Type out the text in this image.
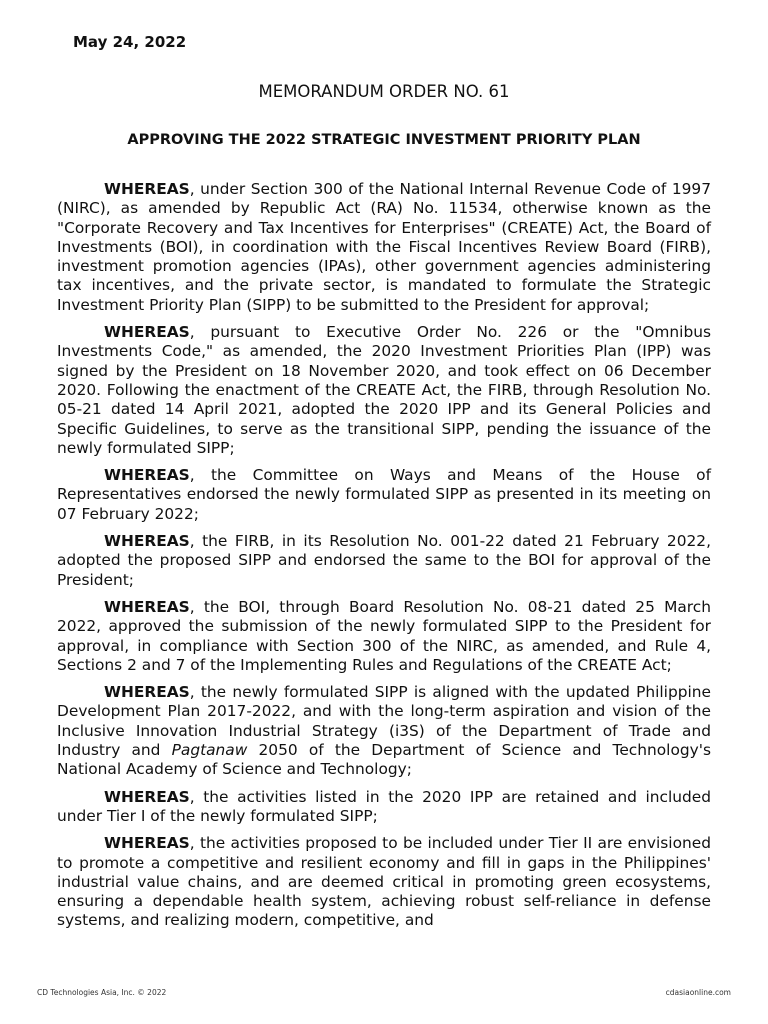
May 24, 2022
MEMORANDUM ORDER NO. 61
APPROVING THE 2022 STRATEGIC INVESTMENT PRIORITY PLAN

WHEREAS, under Section 300 of the National Internal Revenue Code of 1997 (NIRC), as amended by Republic Act (RA) No. 11534, otherwise known as the "Corporate Recovery and Tax Incentives for Enterprises" (CREATE) Act, the Board of Investments (BOI), in coordination with the Fiscal Incentives Review Board (FIRB), investment promotion agencies (IPAs), other government agencies administering tax incentives, and the private sector, is mandated to formulate the Strategic Investment Priority Plan (SIPP) to be submitted to the President for approval;

WHEREAS, pursuant to Executive Order No. 226 or the "Omnibus Investments Code," as amended, the 2020 Investment Priorities Plan (IPP) was signed by the President on 18 November 2020, and took effect on 06 December 2020. Following the enactment of the CREATE Act, the FIRB, through Resolution No. 05-21 dated 14 April 2021, adopted the 2020 IPP and its General Policies and Specific Guidelines, to serve as the transitional SIPP, pending the issuance of the newly formulated SIPP;

WHEREAS, the Committee on Ways and Means of the House of Representatives endorsed the newly formulated SIPP as presented in its meeting on 07 February 2022;

WHEREAS, the FIRB, in its Resolution No. 001-22 dated 21 February 2022, adopted the proposed SIPP and endorsed the same to the BOI for approval of the President;

WHEREAS, the BOI, through Board Resolution No. 08-21 dated 25 March 2022, approved the submission of the newly formulated SIPP to the President for approval, in compliance with Section 300 of the NIRC, as amended, and Rule 4, Sections 2 and 7 of the Implementing Rules and Regulations of the CREATE Act;

WHEREAS, the newly formulated SIPP is aligned with the updated Philippine Development Plan 2017-2022, and with the long-term aspiration and vision of the Inclusive Innovation Industrial Strategy (i3S) of the Department of Trade and Industry and Pagtanaw 2050 of the Department of Science and Technology's National Academy of Science and Technology;

WHEREAS, the activities listed in the 2020 IPP are retained and included under Tier I of the newly formulated SIPP;

WHEREAS, the activities proposed to be included under Tier II are envisioned to promote a competitive and resilient economy and fill in gaps in the Philippines' industrial value chains, and are deemed critical in promoting green ecosystems, ensuring a dependable health system, achieving robust self-reliance in defense systems, and realizing modern, competitive, and

CD Technologies Asia, Inc. © 2022	cdasiaonline.com
